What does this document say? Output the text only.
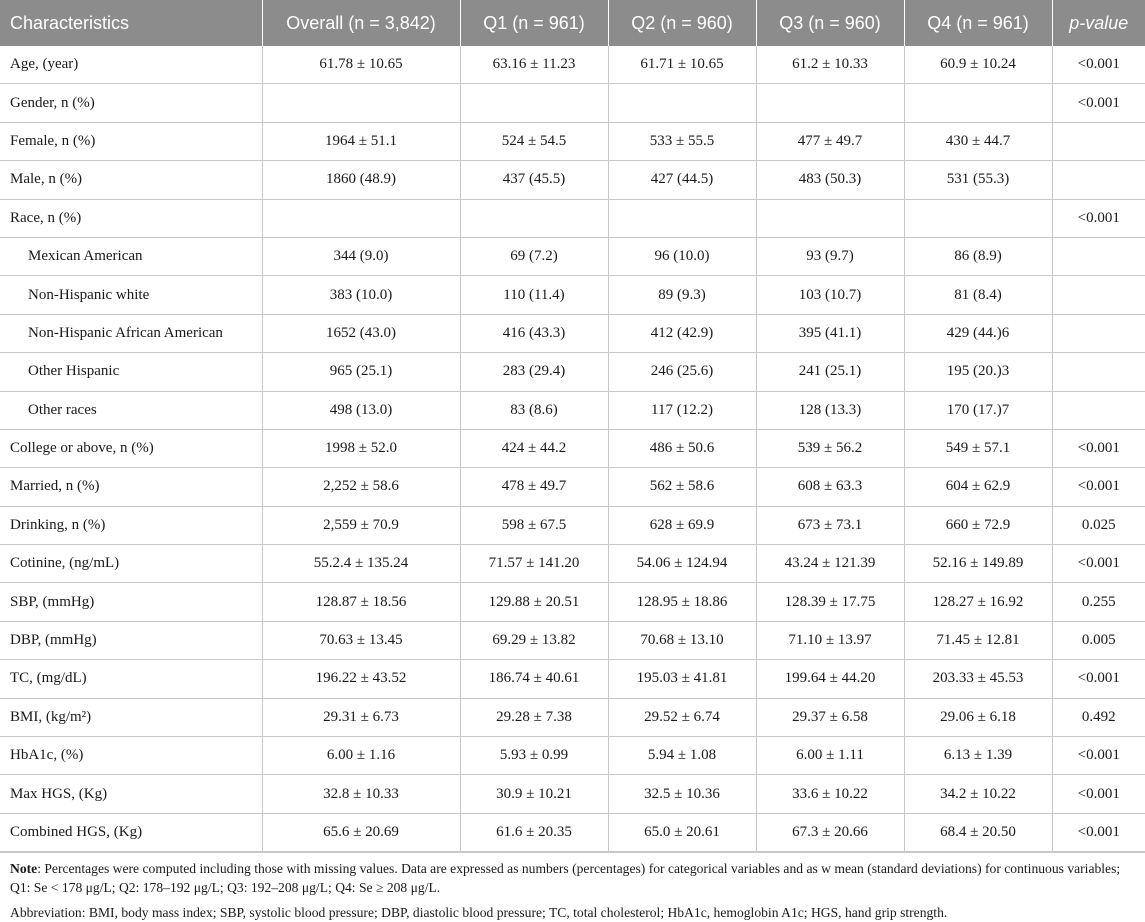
Characteristics	Overall (n = 3,842)	Q1 (n = 961)	Q2 (n = 960)	Q3 (n = 960)	Q4 (n = 961)	p-value
Age, (year)	61.78 ± 10.65	63.16 ± 11.23	61.71 ± 10.65	61.2 ± 10.33	60.9 ± 10.24	<0.001
Gender, n (%)						<0.001
Female, n (%)	1964 ± 51.1	524 ± 54.5	533 ± 55.5	477 ± 49.7	430 ± 44.7	
Male, n (%)	1860 (48.9)	437 (45.5)	427 (44.5)	483 (50.3)	531 (55.3)	
Race, n (%)						<0.001
Mexican American	344 (9.0)	69 (7.2)	96 (10.0)	93 (9.7)	86 (8.9)	
Non-Hispanic white	383 (10.0)	110 (11.4)	89 (9.3)	103 (10.7)	81 (8.4)	
Non-Hispanic African American	1652 (43.0)	416 (43.3)	412 (42.9)	395 (41.1)	429 (44.)6	
Other Hispanic	965 (25.1)	283 (29.4)	246 (25.6)	241 (25.1)	195 (20.)3	
Other races	498 (13.0)	83 (8.6)	117 (12.2)	128 (13.3)	170 (17.)7	
College or above, n (%)	1998 ± 52.0	424 ± 44.2	486 ± 50.6	539 ± 56.2	549 ± 57.1	<0.001
Married, n (%)	2,252 ± 58.6	478 ± 49.7	562 ± 58.6	608 ± 63.3	604 ± 62.9	<0.001
Drinking, n (%)	2,559 ± 70.9	598 ± 67.5	628 ± 69.9	673 ± 73.1	660 ± 72.9	0.025
Cotinine, (ng/mL)	55.2.4 ± 135.24	71.57 ± 141.20	54.06 ± 124.94	43.24 ± 121.39	52.16 ± 149.89	<0.001
SBP, (mmHg)	128.87 ± 18.56	129.88 ± 20.51	128.95 ± 18.86	128.39 ± 17.75	128.27 ± 16.92	0.255
DBP, (mmHg)	70.63 ± 13.45	69.29 ± 13.82	70.68 ± 13.10	71.10 ± 13.97	71.45 ± 12.81	0.005
TC, (mg/dL)	196.22 ± 43.52	186.74 ± 40.61	195.03 ± 41.81	199.64 ± 44.20	203.33 ± 45.53	<0.001
BMI, (kg/m²)	29.31 ± 6.73	29.28 ± 7.38	29.52 ± 6.74	29.37 ± 6.58	29.06 ± 6.18	0.492
HbA1c, (%)	6.00 ± 1.16	5.93 ± 0.99	5.94 ± 1.08	6.00 ± 1.11	6.13 ± 1.39	<0.001
Max HGS, (Kg)	32.8 ± 10.33	30.9 ± 10.21	32.5 ± 10.36	33.6 ± 10.22	34.2 ± 10.22	<0.001
Combined HGS, (Kg)	65.6 ± 20.69	61.6 ± 20.35	65.0 ± 20.61	67.3 ± 20.66	68.4 ± 20.50	<0.001

Note: Percentages were computed including those with missing values. Data are expressed as numbers (percentages) for categorical variables and as w mean (standard deviations) for continuous variables; Q1: Se < 178 μg/L; Q2: 178–192 μg/L; Q3: 192–208 μg/L; Q4: Se ≥ 208 μg/L.

Abbreviation: BMI, body mass index; SBP, systolic blood pressure; DBP, diastolic blood pressure; TC, total cholesterol; HbA1c, hemoglobin A1c; HGS, hand grip strength.
